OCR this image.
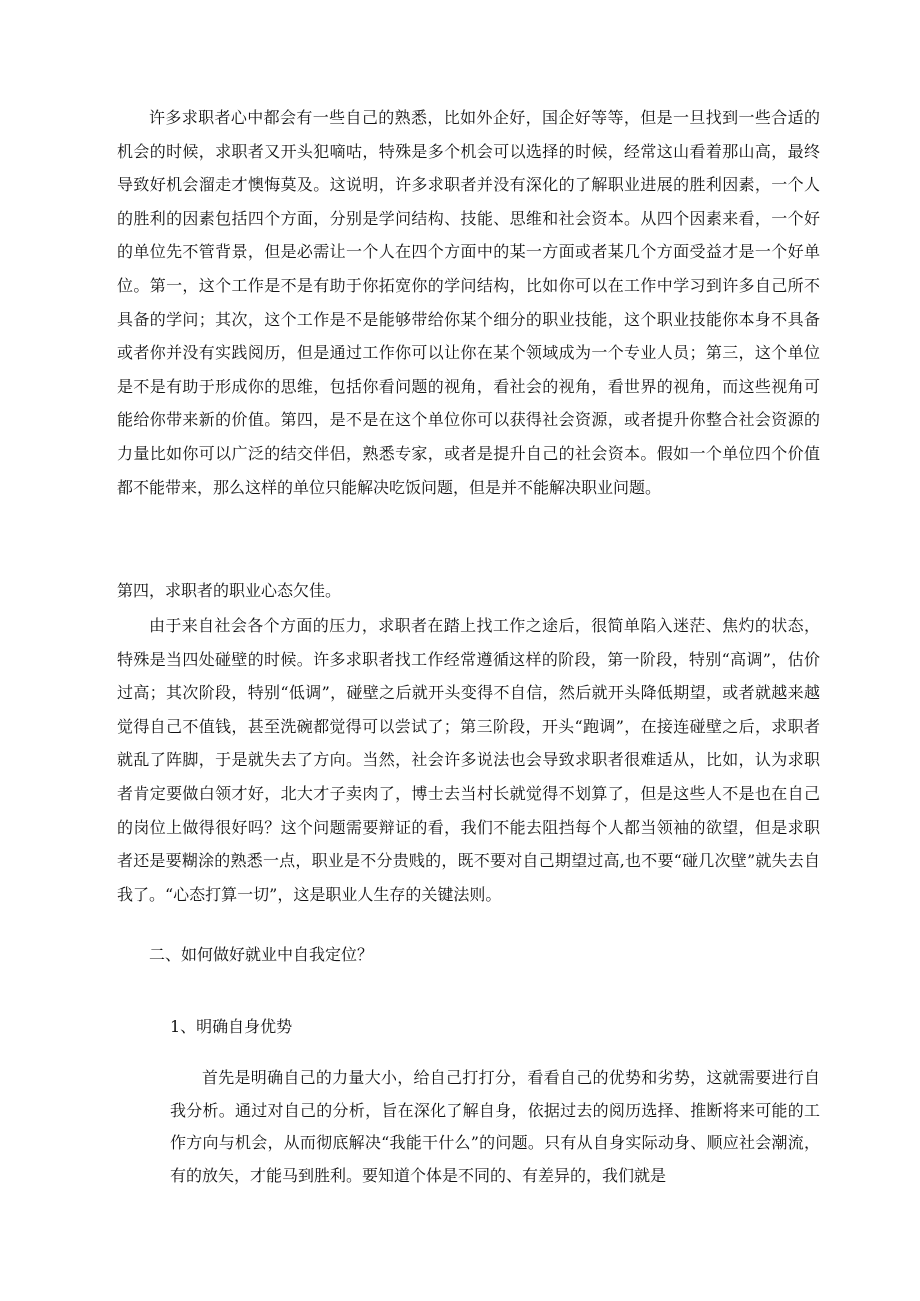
许多求职者心中都会有一些自己的熟悉，比如外企好，国企好等等，但是一旦找到一些合适的机会的时候，求职者又开头犯嘀咕，特殊是多个机会可以选择的时候，经常这山看着那山高，最终导致好机会溜走才懊悔莫及。这说明，许多求职者并没有深化的了解职业进展的胜利因素，一个人的胜利的因素包括四个方面，分别是学问结构、技能、思维和社会资本。从四个因素来看，一个好的单位先不管背景，但是必需让一个人在四个方面中的某一方面或者某几个方面受益才是一个好单位。第一，这个工作是不是有助于你拓宽你的学问结构，比如你可以在工作中学习到许多自己所不具备的学问；其次，这个工作是不是能够带给你某个细分的职业技能，这个职业技能你本身不具备或者你并没有实践阅历，但是通过工作你可以让你在某个领域成为一个专业人员；第三，这个单位是不是有助于形成你的思维，包括你看问题的视角，看社会的视角，看世界的视角，而这些视角可能给你带来新的价值。第四，是不是在这个单位你可以获得社会资源，或者提升你整合社会资源的力量比如你可以广泛的结交伴侣，熟悉专家，或者是提升自己的社会资本。假如一个单位四个价值都不能带来，那么这样的单位只能解决吃饭问题，但是并不能解决职业问题。

第四，求职者的职业心态欠佳。

由于来自社会各个方面的压力，求职者在踏上找工作之途后，很简单陷入迷茫、焦灼的状态，特殊是当四处碰壁的时候。许多求职者找工作经常遵循这样的阶段，第一阶段，特别“高调”，估价过高；其次阶段，特别“低调”，碰壁之后就开头变得不自信，然后就开头降低期望，或者就越来越觉得自己不值钱，甚至洗碗都觉得可以尝试了；第三阶段，开头“跑调”，在接连碰壁之后，求职者就乱了阵脚，于是就失去了方向。当然，社会许多说法也会导致求职者很难适从，比如，认为求职者肯定要做白领才好，北大才子卖肉了，博士去当村长就觉得不划算了，但是这些人不是也在自己的岗位上做得很好吗？这个问题需要辩证的看，我们不能去阻挡每个人都当领袖的欲望，但是求职者还是要糊涂的熟悉一点，职业是不分贵贱的，既不要对自己期望过高,也不要“碰几次壁”就失去自我了。“心态打算一切”，这是职业人生存的关键法则。

二、如何做好就业中自我定位？

1、明确自身优势

首先是明确自己的力量大小，给自己打打分，看看自己的优势和劣势，这就需要进行自我分析。通过对自己的分析，旨在深化了解自身，依据过去的阅历选择、推断将来可能的工作方向与机会，从而彻底解决“我能干什么”的问题。只有从自身实际动身、顺应社会潮流，有的放矢，才能马到胜利。要知道个体是不同的、有差异的，我们就是
